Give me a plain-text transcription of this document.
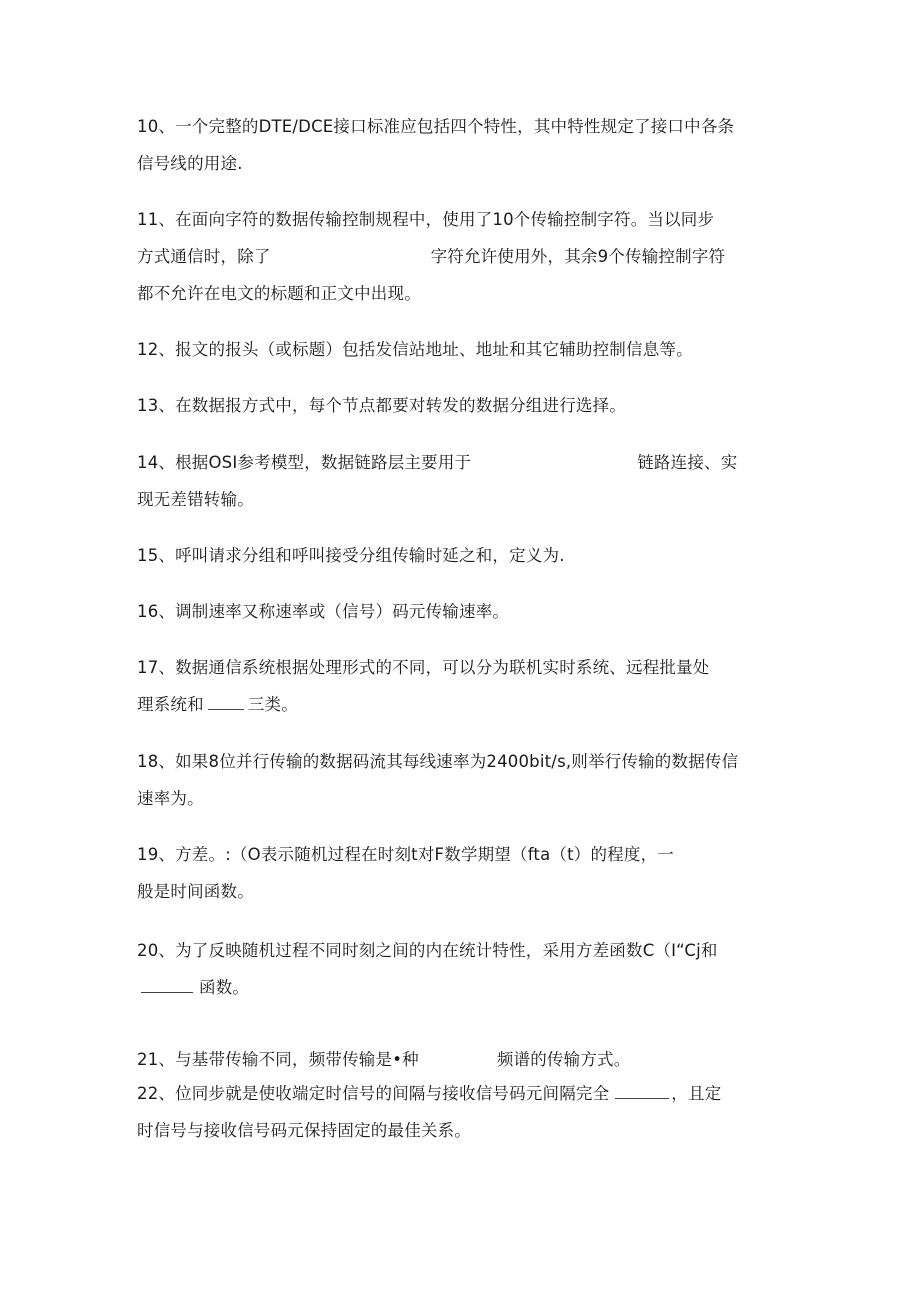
10、一个完整的DTE/DCE接口标准应包括四个特性，其中特性规定了接口中各条
信号线的用途.
11、在面向字符的数据传输控制规程中，使用了10个传输控制字符。当以同步
方式通信时，除了	字符允许使用外，其余9个传输控制字符
都不允许在电文的标题和正文中出现。
12、报文的报头（或标题）包括发信站地址、地址和其它辅助控制信息等。
13、在数据报方式中，每个节点都要对转发的数据分组进行选择。
14、根据OSI参考模型，数据链路层主要用于	链路连接、实
现无差错转输。
15、呼叫请求分组和呼叫接受分组传输时延之和，定义为.
16、调制速率又称速率或（信号）码元传输速率。
17、数据通信系统根据处理形式的不同，可以分为联机实时系统、远程批量处
理系统和	三类。
18、如果8位并行传输的数据码流其每线速率为2400bit/s,则举行传输的数据传信
速率为。
19、方差。:（O表示随机过程在时刻t对F数学期望（fta（t）的程度，一
般是时间函数。
20、为了反映随机过程不同时刻之间的内在统计特性，采用方差函数C（I“Cj和
函数。
21、与基带传输不同，频带传输是•种	频谱的传输方式。
22、位同步就是使收端定时信号的间隔与接收信号码元间隔完全	，且定
时信号与接收信号码元保持固定的最佳关系。
